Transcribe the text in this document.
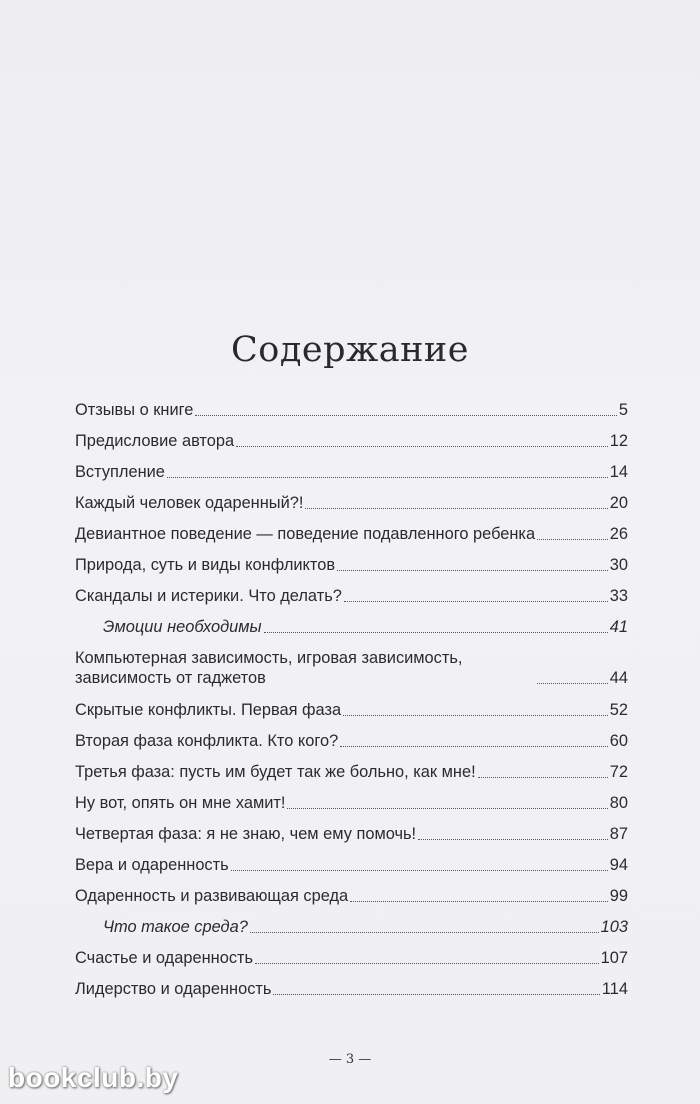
Содержание
Отзывы о книге	5
Предисловие автора	12
Вступление	14
Каждый человек одаренный?!	20
Девиантное поведение — поведение подавленного ребенка	26
Природа, суть и виды конфликтов	30
Скандалы и истерики. Что делать?	33
Эмоции необходимы	41
Компьютерная зависимость, игровая зависимость, зависимость от гаджетов	44
Скрытые конфликты. Первая фаза	52
Вторая фаза конфликта. Кто кого?	60
Третья фаза: пусть им будет так же больно, как мне!	72
Ну вот, опять он мне хамит!	80
Четвертая фаза: я не знаю, чем ему помочь!	87
Вера и одаренность	94
Одаренность и развивающая среда	99
Что такое среда?	103
Счастье и одаренность	107
Лидерство и одаренность	114
— 3 —
bookclub.by
